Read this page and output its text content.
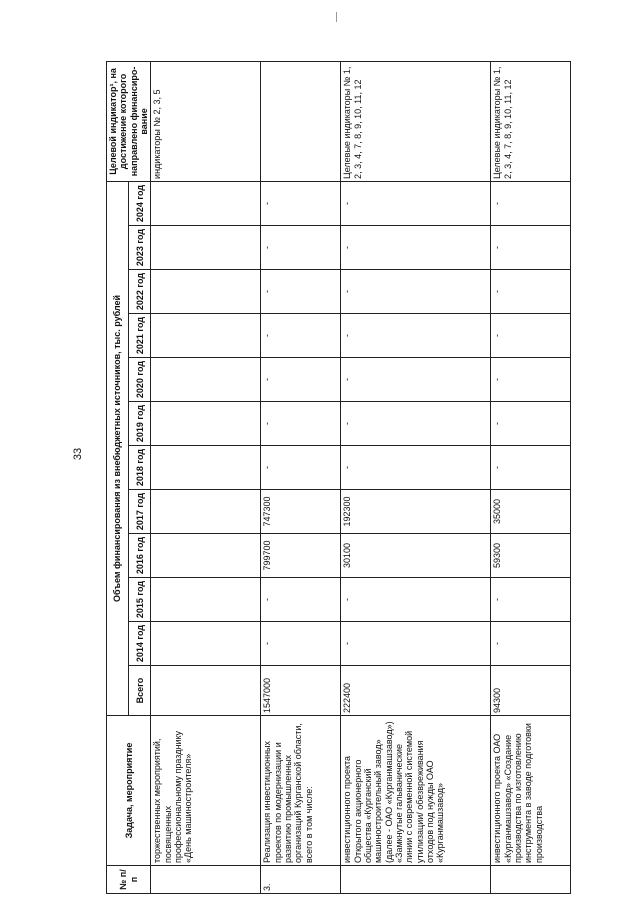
33
№ п/п	Задача, мероприятие	Объем финансирования из внебюджетных источников, тыс. рублей												Целевой индикатор¹, на достижение которого направлено финансиро-вание
		Всего	2014 год	2015 год	2016 год	2017 год	2018 год	2019 год	2020 год	2021 год	2022 год	2023 год	2024 год	
	торжественных мероприятий, посвященных профессиональному празднику «День машиностроителя»													индикаторы № 2, 3, 5
3.	Реализация инвестиционных проектов по модернизации и развитию промышленных организаций Курганской области, всего в том числе:	1547000	-	-	799700	747300	-	-	-	-	-	-	-	
	инвестиционного проекта Открытого акционерного общества «Курганский машиностроительный завод» (далее - ОАО «Курганмашзавод») «Замкнутые гальванические линии с современной системой утилизации/ обезвреживания отходов под нужды ОАО «Курганмашзавод»	222400	-	-	30100	192300	-	-	-	-	-	-	-	Целевые индикаторы № 1, 2, 3, 4, 7, 8, 9, 10, 11, 12
	инвестиционного проекта ОАО «Курганмашзавод» «Создание производства по изготовлению инструмента в заводе подготовки производства	94300	-	-	59300	35000	-	-	-	-	-	-	-	Целевые индикаторы № 1, 2, 3, 4, 7, 8, 9, 10, 11, 12
